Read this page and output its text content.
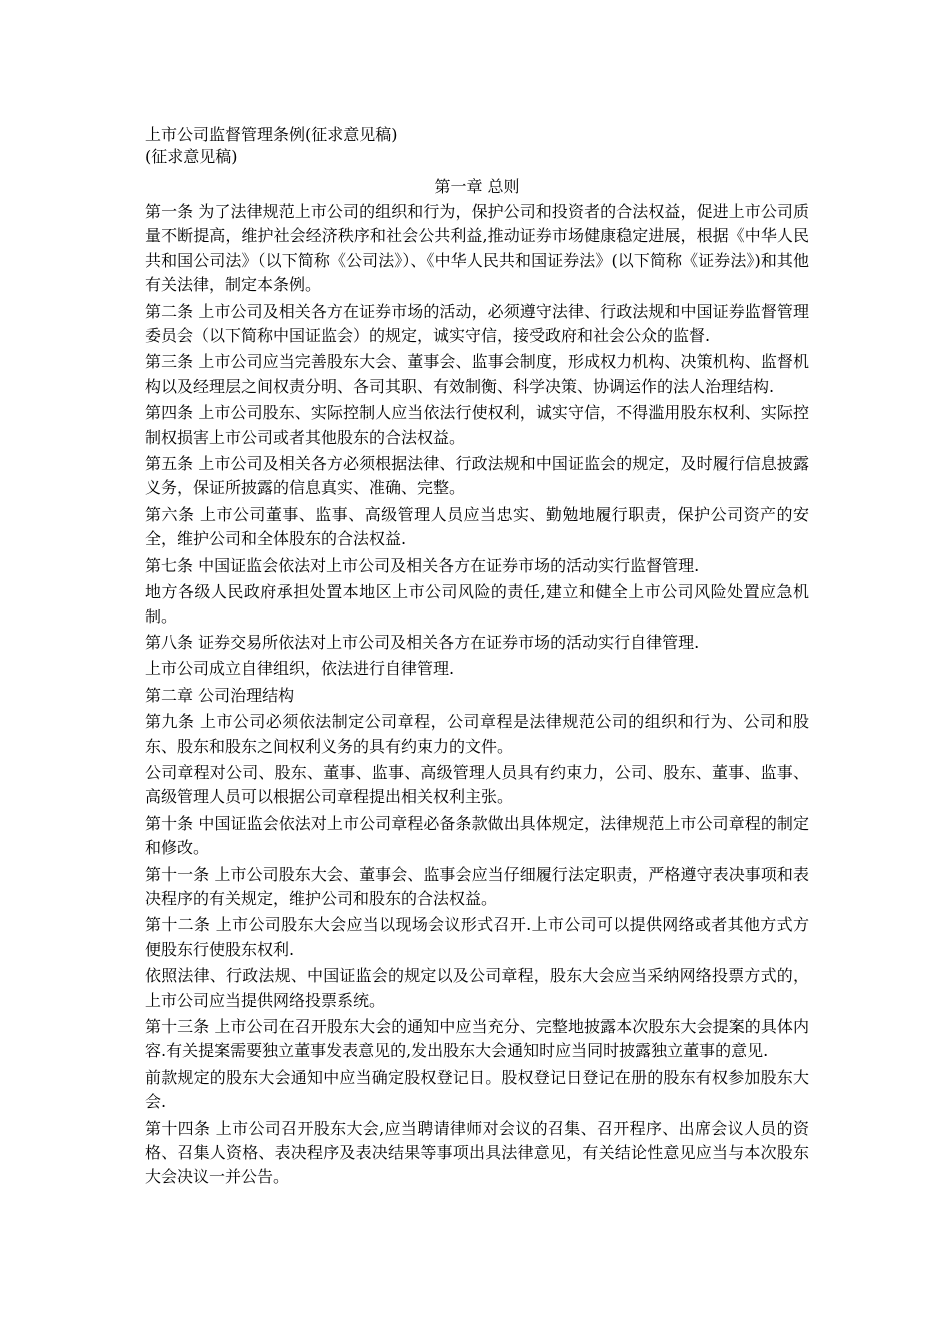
上市公司监督管理条例(征求意见稿)
(征求意见稿)
第一章 总则

第一条 为了法律规范上市公司的组织和行为，保护公司和投资者的合法权益，促进上市公司质量不断提高，维护社会经济秩序和社会公共利益,推动证券市场健康稳定进展，根据《中华人民共和国公司法》（以下简称《公司法》）、《中华人民共和国证券法》(以下简称《证券法》)和其他有关法律，制定本条例。

第二条 上市公司及相关各方在证券市场的活动，必须遵守法律、行政法规和中国证券监督管理委员会（以下简称中国证监会）的规定，诚实守信，接受政府和社会公众的监督.

第三条 上市公司应当完善股东大会、董事会、监事会制度，形成权力机构、决策机构、监督机构以及经理层之间权责分明、各司其职、有效制衡、科学决策、协调运作的法人治理结构.

第四条 上市公司股东、实际控制人应当依法行使权利，诚实守信，不得滥用股东权利、实际控制权损害上市公司或者其他股东的合法权益。

第五条 上市公司及相关各方必须根据法律、行政法规和中国证监会的规定，及时履行信息披露义务，保证所披露的信息真实、准确、完整。

第六条 上市公司董事、监事、高级管理人员应当忠实、勤勉地履行职责，保护公司资产的安全，维护公司和全体股东的合法权益.

第七条 中国证监会依法对上市公司及相关各方在证券市场的活动实行监督管理.

地方各级人民政府承担处置本地区上市公司风险的责任,建立和健全上市公司风险处置应急机制。

第八条 证券交易所依法对上市公司及相关各方在证券市场的活动实行自律管理.

上市公司成立自律组织，依法进行自律管理.

第二章 公司治理结构

第九条 上市公司必须依法制定公司章程，公司章程是法律规范公司的组织和行为、公司和股东、股东和股东之间权利义务的具有约束力的文件。

公司章程对公司、股东、董事、监事、高级管理人员具有约束力，公司、股东、董事、监事、高级管理人员可以根据公司章程提出相关权利主张。

第十条 中国证监会依法对上市公司章程必备条款做出具体规定，法律规范上市公司章程的制定和修改。

第十一条 上市公司股东大会、董事会、监事会应当仔细履行法定职责，严格遵守表决事项和表决程序的有关规定，维护公司和股东的合法权益。

第十二条 上市公司股东大会应当以现场会议形式召开.上市公司可以提供网络或者其他方式方便股东行使股东权利.

依照法律、行政法规、中国证监会的规定以及公司章程，股东大会应当采纳网络投票方式的，上市公司应当提供网络投票系统。

第十三条 上市公司在召开股东大会的通知中应当充分、完整地披露本次股东大会提案的具体内容.有关提案需要独立董事发表意见的,发出股东大会通知时应当同时披露独立董事的意见.

前款规定的股东大会通知中应当确定股权登记日。股权登记日登记在册的股东有权参加股东大会.

第十四条 上市公司召开股东大会,应当聘请律师对会议的召集、召开程序、出席会议人员的资格、召集人资格、表决程序及表决结果等事项出具法律意见，有关结论性意见应当与本次股东大会决议一并公告。
